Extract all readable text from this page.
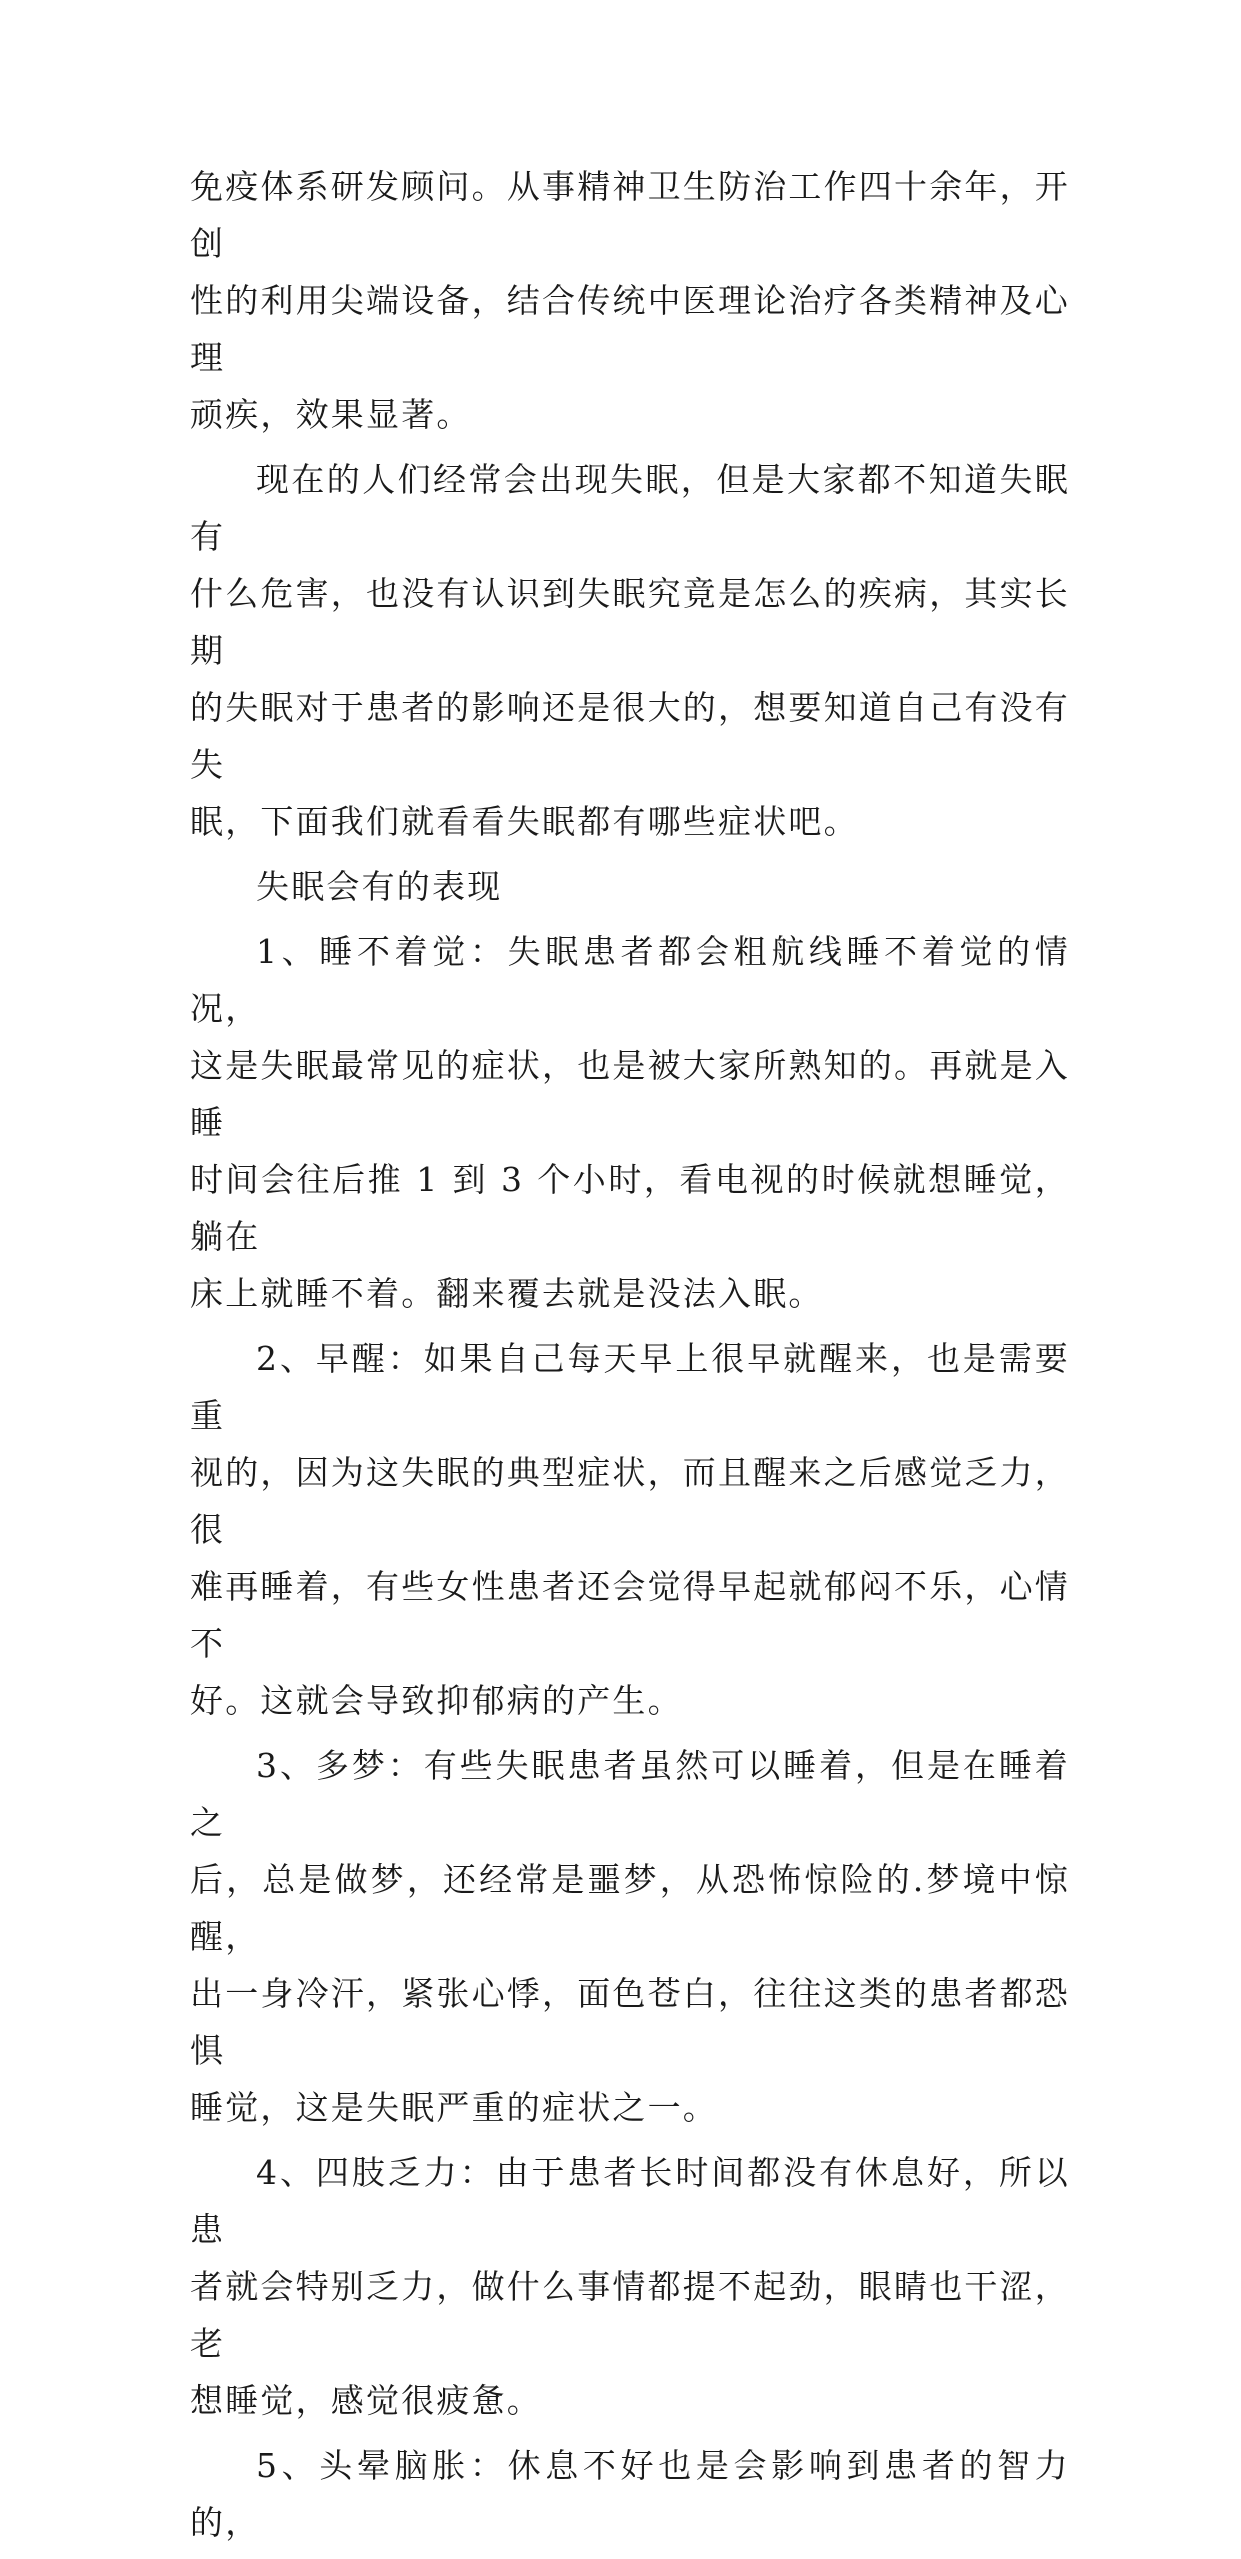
免疫体系研发顾问。从事精神卫生防治工作四十余年，开创
性的利用尖端设备，结合传统中医理论治疗各类精神及心理
顽疾，效果显著。

现在的人们经常会出现失眠，但是大家都不知道失眠有
什么危害，也没有认识到失眠究竟是怎么的疾病，其实长期
的失眠对于患者的影响还是很大的，想要知道自己有没有失
眠，下面我们就看看失眠都有哪些症状吧。

失眠会有的表现

1、睡不着觉：失眠患者都会粗航线睡不着觉的情况，
这是失眠最常见的症状，也是被大家所熟知的。再就是入睡
时间会往后推 1 到 3 个小时，看电视的时候就想睡觉，躺在
床上就睡不着。翻来覆去就是没法入眠。

2、早醒：如果自己每天早上很早就醒来，也是需要重
视的，因为这失眠的典型症状，而且醒来之后感觉乏力，很
难再睡着，有些女性患者还会觉得早起就郁闷不乐，心情不
好。这就会导致抑郁病的产生。

3、多梦：有些失眠患者虽然可以睡着，但是在睡着之
后，总是做梦，还经常是噩梦，从恐怖惊险的.梦境中惊醒，
出一身冷汗，紧张心悸，面色苍白，往往这类的患者都恐惧
睡觉，这是失眠严重的症状之一。

4、四肢乏力：由于患者长时间都没有休息好，所以患
者就会特别乏力，做什么事情都提不起劲，眼睛也干涩，老
想睡觉，感觉很疲惫。

5、头晕脑胀：休息不好也是会影响到患者的智力的，
